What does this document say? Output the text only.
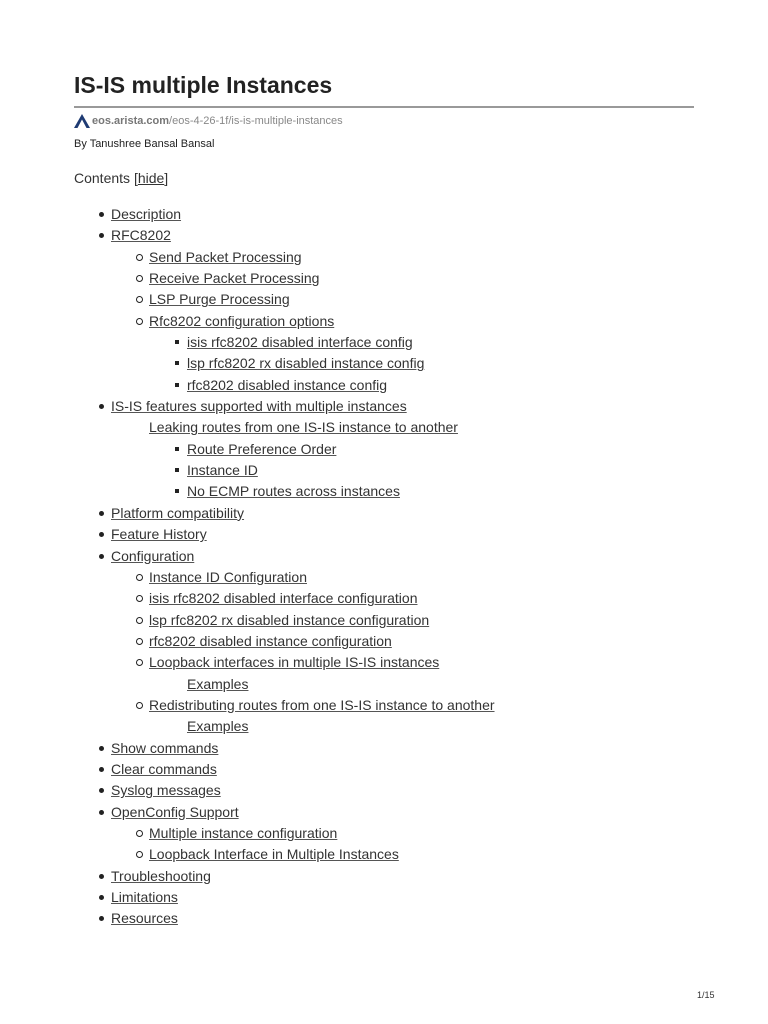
IS-IS multiple Instances
eos.arista.com /eos-4-26-1f/is-is-multiple-instances
By Tanushree Bansal Bansal
Contents [hide]
Description
RFC8202
Send Packet Processing
Receive Packet Processing
LSP Purge Processing
Rfc8202 configuration options
isis rfc8202 disabled interface config
lsp rfc8202 rx disabled instance config
rfc8202 disabled instance config
IS-IS features supported with multiple instances
Leaking routes from one IS-IS instance to another
Route Preference Order
Instance ID
No ECMP routes across instances
Platform compatibility
Feature History
Configuration
Instance ID Configuration
isis rfc8202 disabled interface configuration
lsp rfc8202 rx disabled instance configuration
rfc8202 disabled instance configuration
Loopback interfaces in multiple IS-IS instances
Examples
Redistributing routes from one IS-IS instance to another
Examples
Show commands
Clear commands
Syslog messages
OpenConfig Support
Multiple instance configuration
Loopback Interface in Multiple Instances
Troubleshooting
Limitations
Resources
1/15
